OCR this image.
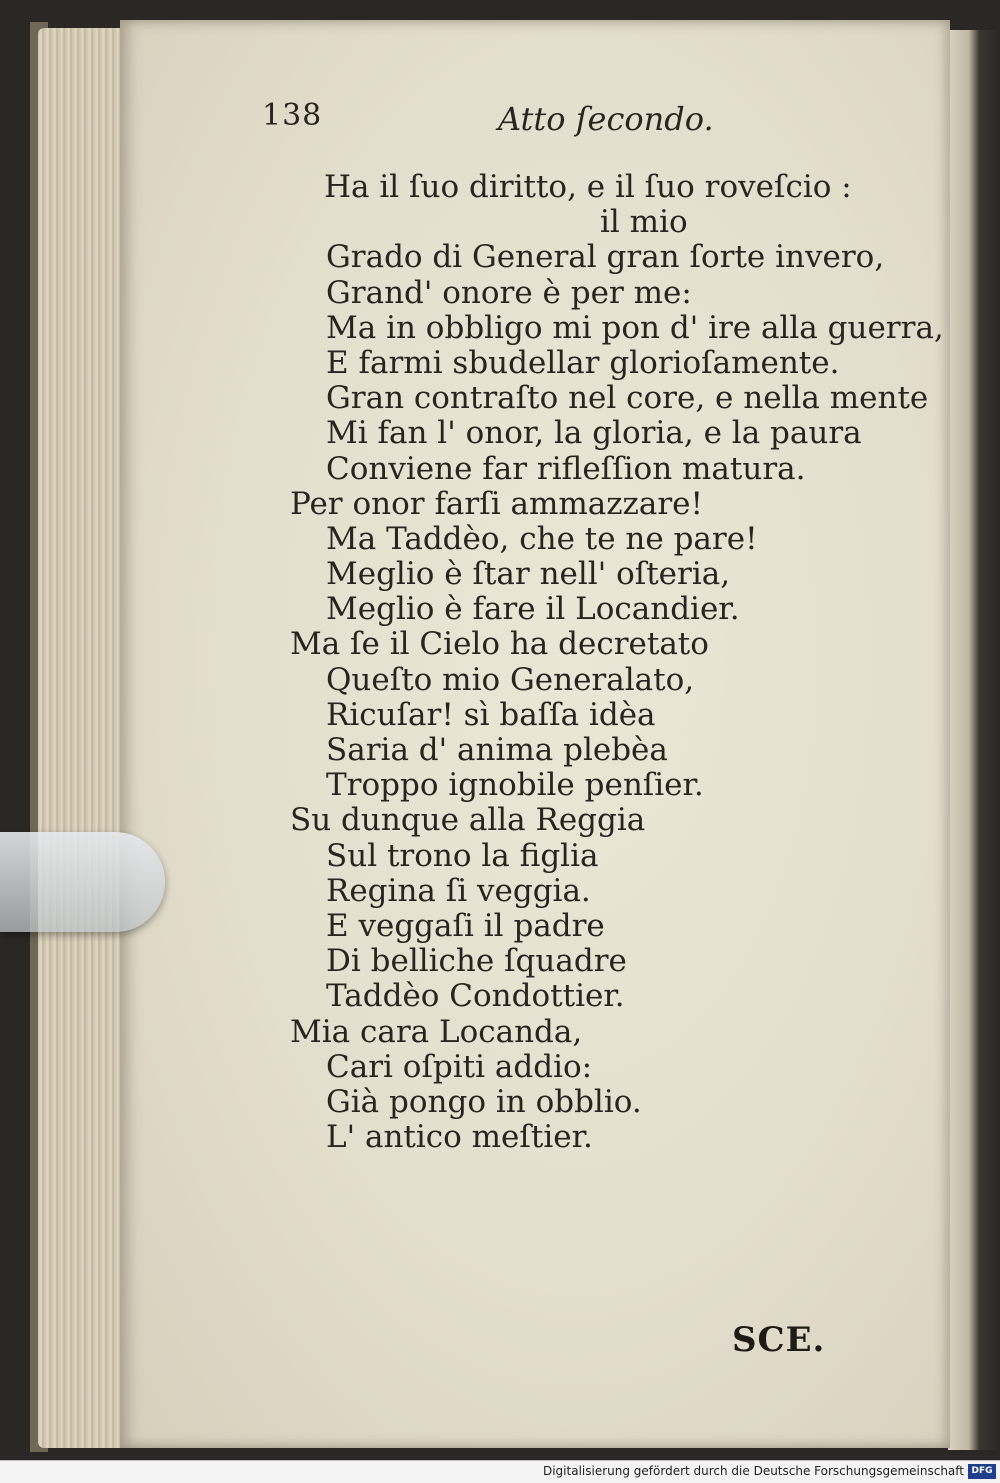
138	Atto ſecondo.
Ha il ſuo diritto, e il ſuo roveſcio :
il mio
Grado di General gran ſorte invero,
Grand' onore è per me:
Ma in obbligo mi pon d' ire alla guerra,
E farmi sbudellar glorioſamente.
Gran contraſto nel core, e nella mente
Mi fan l' onor, la gloria, e la paura
Conviene far rifleſſion matura.
Per onor farſi ammazzare!
Ma Taddèo, che te ne pare!
Meglio è ſtar nell' oſteria,
Meglio è fare il Locandier.
Ma ſe il Cielo ha decretato
Queſto mio Generalato,
Ricuſar! sì baſſa idèa
Saria d' anima plebèa
Troppo ignobile penſier.
Su dunque alla Reggia
Sul trono la figlia
Regina ſi veggia.
E veggaſi il padre
Di belliche ſquadre
Taddèo Condottier.
Mia cara Locanda,
Cari oſpiti addio:
Già pongo in obblio.
L' antico meſtier.
SCE.
Digitalisierung gefördert durch die Deutsche Forschungsgemeinschaft DFG
